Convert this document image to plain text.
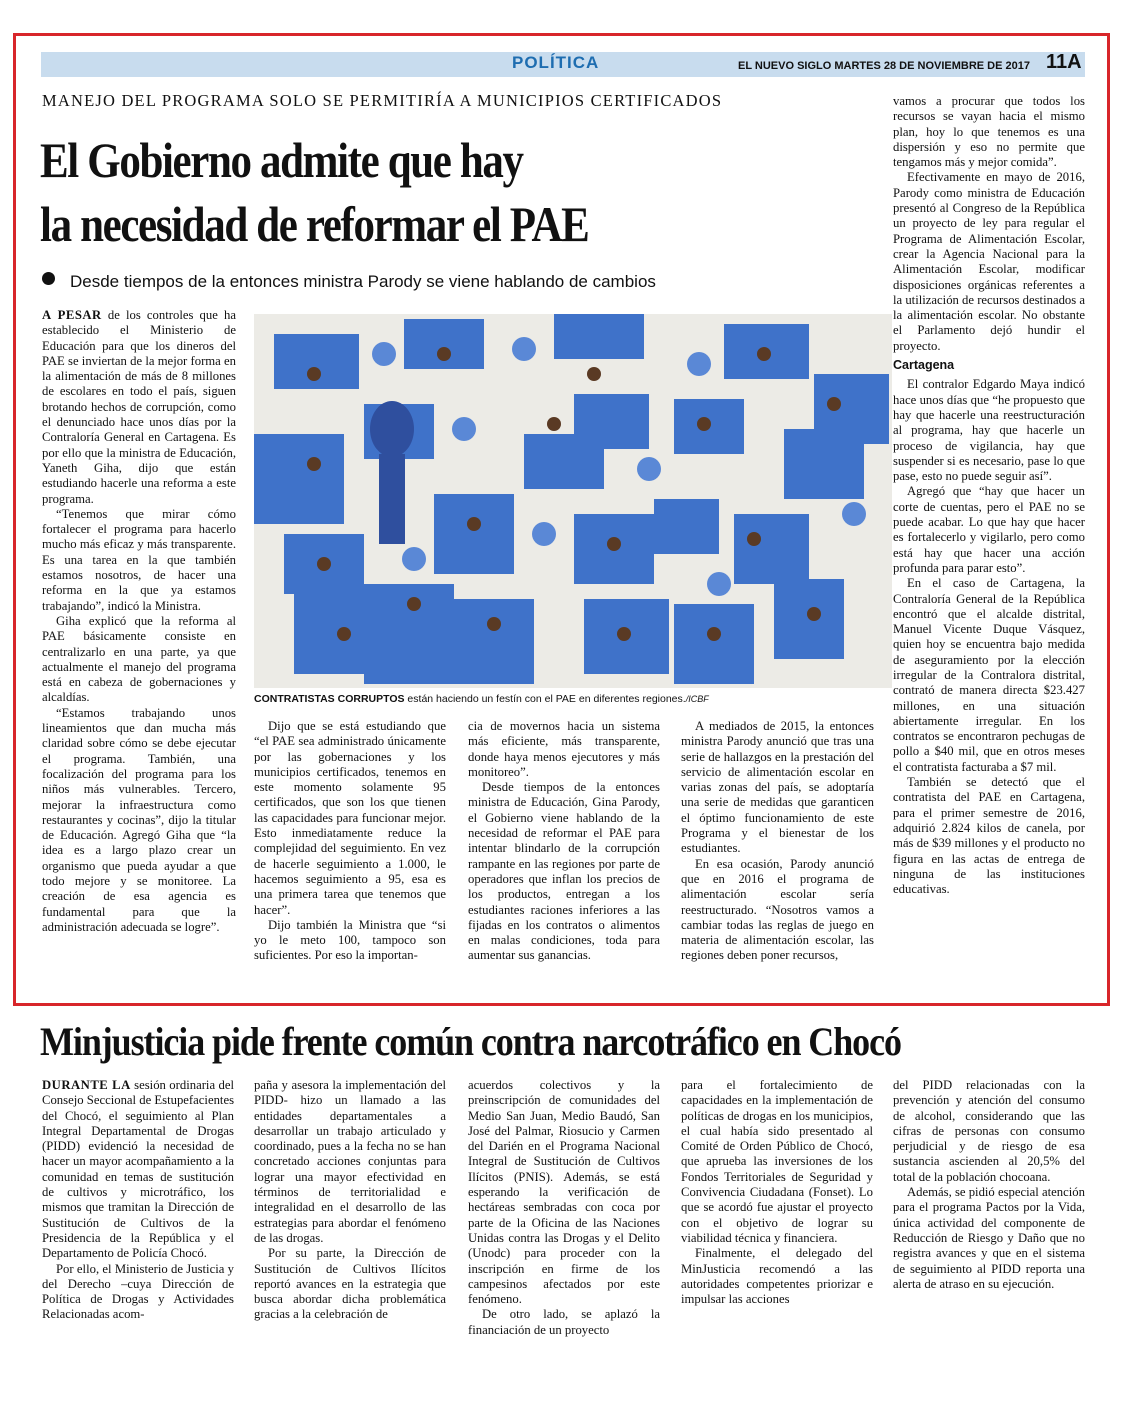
POLÍTICA	EL NUEVO SIGLO MARTES 28 DE NOVIEMBRE DE 2017 11A
MANEJO DEL PROGRAMA SOLO SE PERMITIRÍA A MUNICIPIOS CERTIFICADOS
El Gobierno admite que hay
la necesidad de reformar el PAE
Desde tiempos de la entonces ministra Parody se viene hablando de cambios

A PESAR de los controles que ha establecido el Ministerio de Educación para que los dineros del PAE se inviertan de la mejor forma en la alimentación de más de 8 millones de escolares en todo el país, siguen brotando hechos de corrupción, como el denunciado hace unos días por la Contraloría General en Cartagena. Es por ello que la ministra de Educación, Yaneth Giha, dijo que están estudiando hacerle una reforma a este programa.

“Tenemos que mirar cómo fortalecer el programa para hacerlo mucho más eficaz y más transparente. Es una tarea en la que también estamos nosotros, de hacer una reforma en la que ya estamos trabajando”, indicó la Ministra.

Giha explicó que la reforma al PAE básicamente consiste en centralizarlo en una parte, ya que actualmente el manejo del programa está en cabeza de gobernaciones y alcaldías.

“Estamos trabajando unos lineamientos que dan mucha más claridad sobre cómo se debe ejecutar el programa. También, una focalización del programa para los niños más vulnerables. Tercero, mejorar la infraestructura como restaurantes y cocinas”, dijo la titular de Educación. Agregó Giha que “la idea es a largo plazo crear un organismo que pueda ayudar a que todo mejore y se monitoree. La creación de esa agencia es fundamental para que la administración adecuada se logre”.

CONTRATISTAS CORRUPTOS están haciendo un festín con el PAE en diferentes regiones./ICBF

Dijo que se está estudiando que “el PAE sea administrado únicamente por las gobernaciones y los municipios certificados, tenemos en este momento solamente 95 certificados, que son los que tienen las capacidades para funcionar mejor. Esto inmediatamente reduce la complejidad del seguimiento. En vez de hacerle seguimiento a 1.000, le hacemos seguimiento a 95, esa es una primera tarea que tenemos que hacer”.

Dijo también la Ministra que “si yo le meto 100, tampoco son suficientes. Por eso la importan-

cia de movernos hacia un sistema más eficiente, más transparente, donde haya menos ejecutores y más monitoreo”.

Desde tiempos de la entonces ministra de Educación, Gina Parody, el Gobierno viene hablando de la necesidad de reformar el PAE para intentar blindarlo de la corrupción rampante en las regiones por parte de operadores que inflan los precios de los productos, entregan a los estudiantes raciones inferiores a las fijadas en los contratos o alimentos en malas condiciones, toda para aumentar sus ganancias.

A mediados de 2015, la entonces ministra Parody anunció que tras una serie de hallazgos en la prestación del servicio de alimentación escolar en varias zonas del país, se adoptaría una serie de medidas que garanticen el óptimo funcionamiento de este Programa y el bienestar de los estudiantes.

En esa ocasión, Parody anunció que en 2016 el programa de alimentación escolar sería reestructurado. “Nosotros vamos a cambiar todas las reglas de juego en materia de alimentación escolar, las regiones deben poner recursos,

vamos a procurar que todos los recursos se vayan hacia el mismo plan, hoy lo que tenemos es una dispersión y eso no permite que tengamos más y mejor comida”.

Efectivamente en mayo de 2016, Parody como ministra de Educación presentó al Congreso de la República un proyecto de ley para regular el Programa de Alimentación Escolar, crear la Agencia Nacional para la Alimentación Escolar, modificar disposiciones orgánicas referentes a la utilización de recursos destinados a la alimentación escolar. No obstante el Parlamento dejó hundir el proyecto.

Cartagena

El contralor Edgardo Maya indicó hace unos días que “he propuesto que hay que hacerle una reestructuración al programa, hay que hacerle un proceso de vigilancia, hay que suspender si es necesario, pase lo que pase, esto no puede seguir así”.

Agregó que “hay que hacer un corte de cuentas, pero el PAE no se puede acabar. Lo que hay que hacer es fortalecerlo y vigilarlo, pero como está hay que hacer una acción profunda para parar esto”.

En el caso de Cartagena, la Contraloría General de la República encontró que el alcalde distrital, Manuel Vicente Duque Vásquez, quien hoy se encuentra bajo medida de aseguramiento por la elección irregular de la Contralora distrital, contrató de manera directa $23.427 millones, en una situación abiertamente irregular. En los contratos se encontraron pechugas de pollo a $40 mil, que en otros meses el contratista facturaba a $7 mil.

También se detectó que el contratista del PAE en Cartagena, para el primer semestre de 2016, adquirió 2.824 kilos de canela, por más de $39 millones y el producto no figura en las actas de entrega de ninguna de las instituciones educativas.

Minjusticia pide frente común contra narcotráfico en Chocó

DURANTE LA sesión ordinaria del Consejo Seccional de Estupefacientes del Chocó, el seguimiento al Plan Integral Departamental de Drogas (PIDD) evidenció la necesidad de hacer un mayor acompañamiento a la comunidad en temas de sustitución de cultivos y microtráfico, los mismos que tramitan la Dirección de Sustitución de Cultivos de la Presidencia de la República y el Departamento de Policía Chocó.

Por ello, el Ministerio de Justicia y del Derecho –cuya Dirección de Política de Drogas y Actividades Relacionadas acom-

paña y asesora la implementación del PIDD- hizo un llamado a las entidades departamentales a desarrollar un trabajo articulado y coordinado, pues a la fecha no se han concretado acciones conjuntas para lograr una mayor efectividad en términos de territorialidad e integralidad en el desarrollo de las estrategias para abordar el fenómeno de las drogas.

Por su parte, la Dirección de Sustitución de Cultivos Ilícitos reportó avances en la estrategia que busca abordar dicha problemática gracias a la celebración de

acuerdos colectivos y la preinscripción de comunidades del Medio San Juan, Medio Baudó, San José del Palmar, Riosucio y Carmen del Darién en el Programa Nacional Integral de Sustitución de Cultivos Ilícitos (PNIS). Además, se está esperando la verificación de hectáreas sembradas con coca por parte de la Oficina de las Naciones Unidas contra las Drogas y el Delito (Unodc) para proceder con la inscripción en firme de los campesinos afectados por este fenómeno.

De otro lado, se aplazó la financiación de un proyecto

para el fortalecimiento de capacidades en la implementación de políticas de drogas en los municipios, el cual había sido presentado al Comité de Orden Público de Chocó, que aprueba las inversiones de los Fondos Territoriales de Seguridad y Convivencia Ciudadana (Fonset). Lo que se acordó fue ajustar el proyecto con el objetivo de lograr su viabilidad técnica y financiera.

Finalmente, el delegado del MinJusticia recomendó a las autoridades competentes priorizar e impulsar las acciones

del PIDD relacionadas con la prevención y atención del consumo de alcohol, considerando que las cifras de personas con consumo perjudicial y de riesgo de esa sustancia ascienden al 20,5% del total de la población chocoana.

Además, se pidió especial atención para el programa Pactos por la Vida, única actividad del componente de Reducción de Riesgo y Daño que no registra avances y que en el sistema de seguimiento al PIDD reporta una alerta de atraso en su ejecución.
